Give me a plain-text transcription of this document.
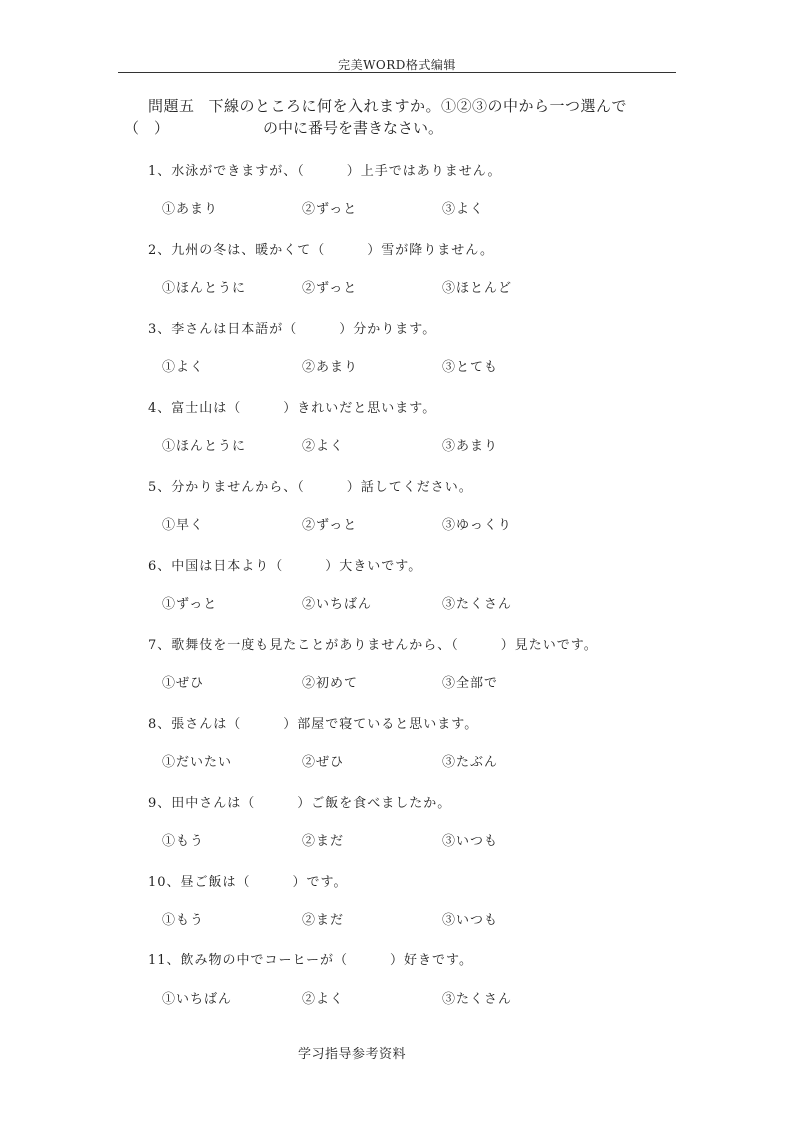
完美WORD格式编辑
問題五 下線のところに何を入れますか。①②③の中から一つ選んで
（　）	の中に番号を書きなさい。
1、水泳ができますが、（　　　）上手ではありません。
①あまり	②ずっと	③よく
2、九州の冬は、暖かくて（　　　）雪が降りません。
①ほんとうに	②ずっと	③ほとんど
3、李さんは日本語が（　　　）分かります。
①よく	②あまり	③とても
4、富士山は（　　　）きれいだと思います。
①ほんとうに	②よく	③あまり
5、分かりませんから、（　　　）話してください。
①早く	②ずっと	③ゆっくり
6、中国は日本より（　　　）大きいです。
①ずっと	②いちばん	③たくさん
7、歌舞伎を一度も見たことがありませんから、（　　　）見たいです。
①ぜひ	②初めて	③全部で
8、張さんは（　　　）部屋で寝ていると思います。
①だいたい	②ぜひ	③たぶん
9、田中さんは（　　　）ご飯を食べましたか。
①もう	②まだ	③いつも
10、昼ご飯は（　　　）です。
①もう	②まだ	③いつも
11、飲み物の中でコーヒーが（　　　）好きです。
①いちばん	②よく	③たくさん
学习指导参考资料
